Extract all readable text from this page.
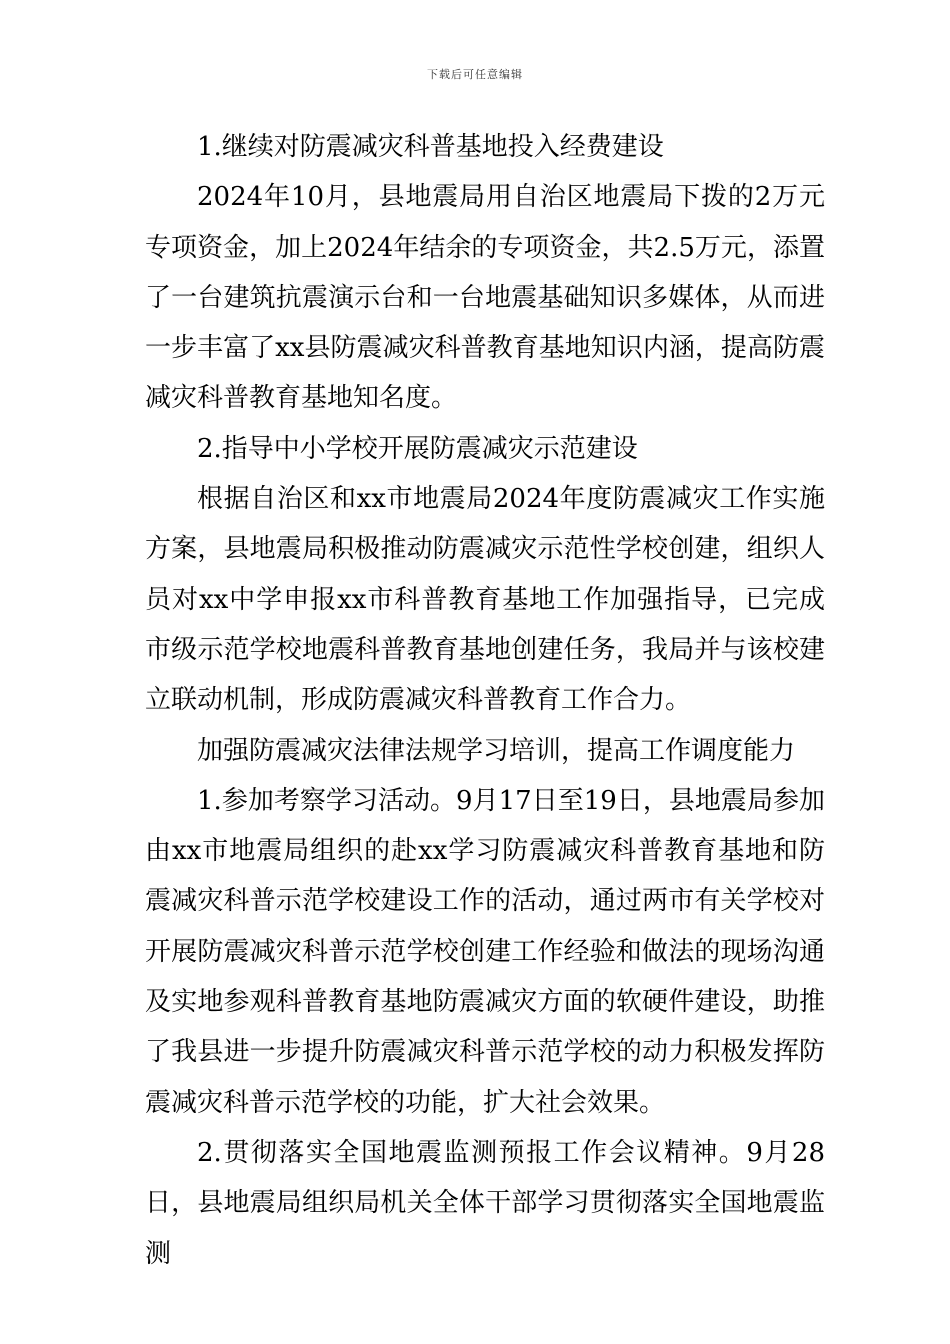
下载后可任意编辑

1.继续对防震减灾科普基地投入经费建设

2024年10月，县地震局用自治区地震局下拨的2万元专项资金，加上2024年结余的专项资金，共2.5万元，添置了一台建筑抗震演示台和一台地震基础知识多媒体，从而进一步丰富了xx县防震减灾科普教育基地知识内涵，提高防震减灾科普教育基地知名度。

2.指导中小学校开展防震减灾示范建设

根据自治区和xx市地震局2024年度防震减灾工作实施方案，县地震局积极推动防震减灾示范性学校创建，组织人员对xx中学申报xx市科普教育基地工作加强指导，已完成市级示范学校地震科普教育基地创建任务，我局并与该校建立联动机制，形成防震减灾科普教育工作合力。

加强防震减灾法律法规学习培训，提高工作调度能力

1.参加考察学习活动。9月17日至19日，县地震局参加由xx市地震局组织的赴xx学习防震减灾科普教育基地和防震减灾科普示范学校建设工作的活动，通过两市有关学校对开展防震减灾科普示范学校创建工作经验和做法的现场沟通及实地参观科普教育基地防震减灾方面的软硬件建设，助推了我县进一步提升防震减灾科普示范学校的动力积极发挥防震减灾科普示范学校的功能，扩大社会效果。

2.贯彻落实全国地震监测预报工作会议精神。9月28日，县地震局组织局机关全体干部学习贯彻落实全国地震监测
